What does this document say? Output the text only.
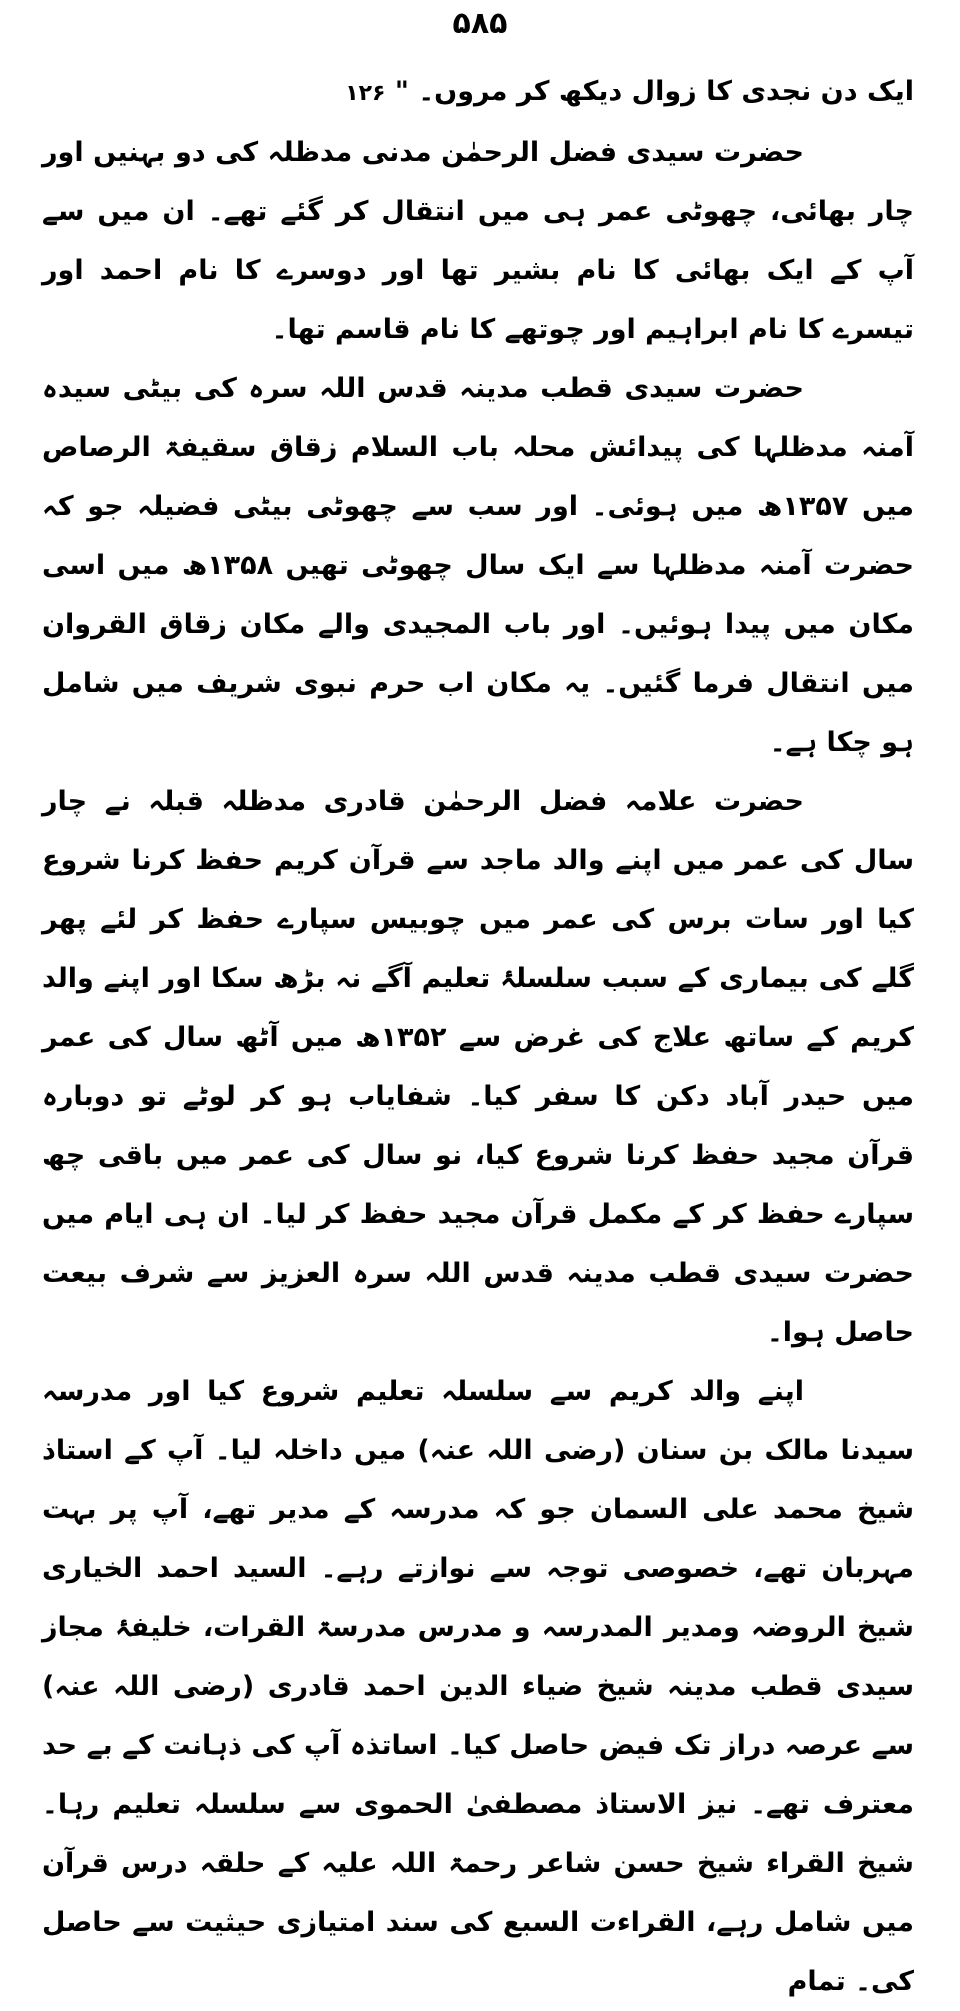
۵۸۵

ایک دن نجدی کا زوال دیکھ کر مروں۔ " ۱۲۶

حضرت سیدی فضل الرحمٰن مدنی مدظلہ کی دو بہنیں اور چار بھائی، چھوٹی عمر ہی میں انتقال کر گئے تھے۔ ان میں سے آپ کے ایک بھائی کا نام بشیر تھا اور دوسرے کا نام احمد اور تیسرے کا نام ابراہیم اور چوتھے کا نام قاسم تھا۔

حضرت سیدی قطب مدینہ قدس اللہ سرہ کی بیٹی سیدہ آمنہ مدظلہا کی پیدائش محلہ باب السلام زقاق سقیفۃ الرصاص میں ۱۳۵۷ھ میں ہوئی۔ اور سب سے چھوٹی بیٹی فضیلہ جو کہ حضرت آمنہ مدظلہا سے ایک سال چھوٹی تھیں ۱۳۵۸ھ میں اسی مکان میں پیدا ہوئیں۔ اور باب المجیدی والے مکان زقاق القروان میں انتقال فرما گئیں۔ یہ مکان اب حرم نبوی شریف میں شامل ہو چکا ہے۔

حضرت علامہ فضل الرحمٰن قادری مدظلہ قبلہ نے چار سال کی عمر میں اپنے والد ماجد سے قرآن کریم حفظ کرنا شروع کیا اور سات برس کی عمر میں چوبیس سپارے حفظ کر لئے پھر گلے کی بیماری کے سبب سلسلۂ تعلیم آگے نہ بڑھ سکا اور اپنے والد کریم کے ساتھ علاج کی غرض سے ۱۳۵۲ھ میں آٹھ سال کی عمر میں حیدر آباد دکن کا سفر کیا۔ شفایاب ہو کر لوٹے تو دوبارہ قرآن مجید حفظ کرنا شروع کیا، نو سال کی عمر میں باقی چھ سپارے حفظ کر کے مکمل قرآن مجید حفظ کر لیا۔ ان ہی ایام میں حضرت سیدی قطب مدینہ قدس اللہ سرہ العزیز سے شرف بیعت حاصل ہوا۔

اپنے والد کریم سے سلسلہ تعلیم شروع کیا اور مدرسہ سیدنا مالک بن سنان (رضی اللہ عنہ) میں داخلہ لیا۔ آپ کے استاذ شیخ محمد علی السمان جو کہ مدرسہ کے مدیر تھے، آپ پر بہت مہربان تھے، خصوصی توجہ سے نوازتے رہے۔ السید احمد الخیاری شیخ الروضہ ومدیر المدرسہ و مدرس مدرسۃ القرات، خلیفۂ مجاز سیدی قطب مدینہ شیخ ضیاء الدین احمد قادری (رضی اللہ عنہ) سے عرصہ دراز تک فیض حاصل کیا۔ اساتذہ آپ کی ذہانت کے بے حد معترف تھے۔ نیز الاستاذ مصطفیٰ الحموی سے سلسلہ تعلیم رہا۔ شیخ القراء شیخ حسن شاعر رحمۃ اللہ علیہ کے حلقہ درس قرآن میں شامل رہے، القراءت السبع کی سند امتیازی حیثیت سے حاصل کی۔ تمام
